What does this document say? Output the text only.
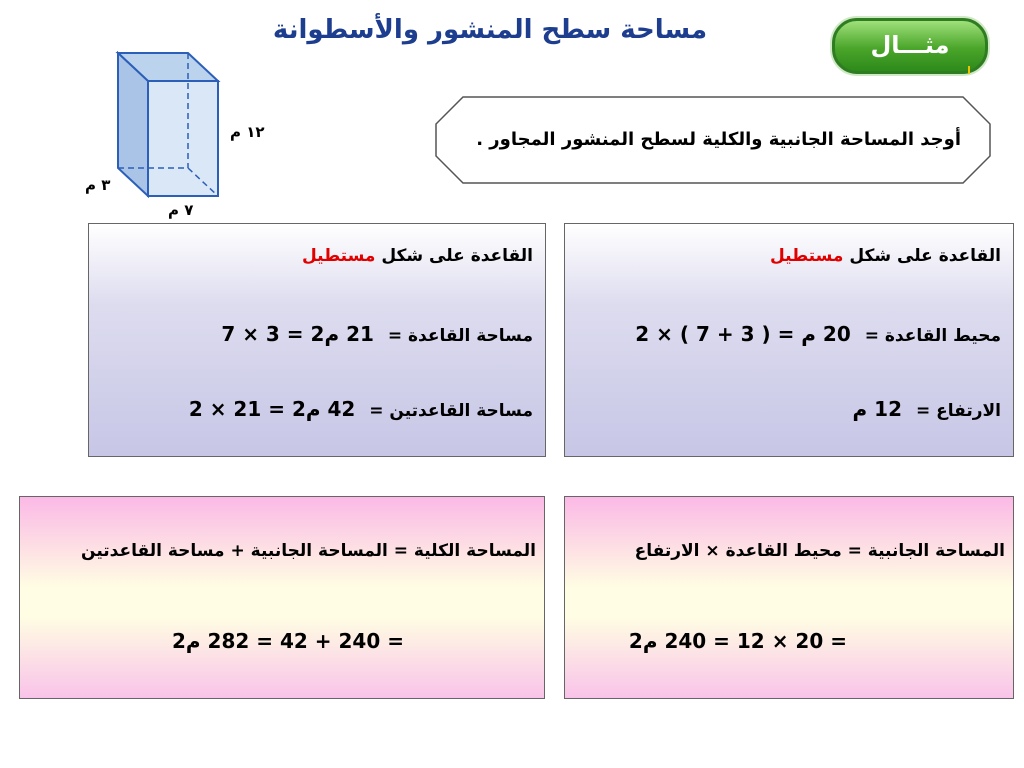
مساحة سطح المنشور والأسطوانة	مثـــال
١٢ م
٣ م
٧ م
أوجد المساحة الجانبية والكلية لسطح المنشور المجاور .
القاعدة على شكل مستطيل
مساحة القاعدة = 21 م2 = 3 × 7
مساحة القاعدتين = 42 م2 = 21 × 2
القاعدة على شكل مستطيل
محيط القاعدة = 20 م = ( 3 + 7 ) × 2
الارتفاع = 12 م
المساحة الكلية = المساحة الجانبية + مساحة القاعدتين
= 240 + 42 = 282 م2
المساحة الجانبية = محيط القاعدة × الارتفاع
= 20 × 12 = 240 م2
